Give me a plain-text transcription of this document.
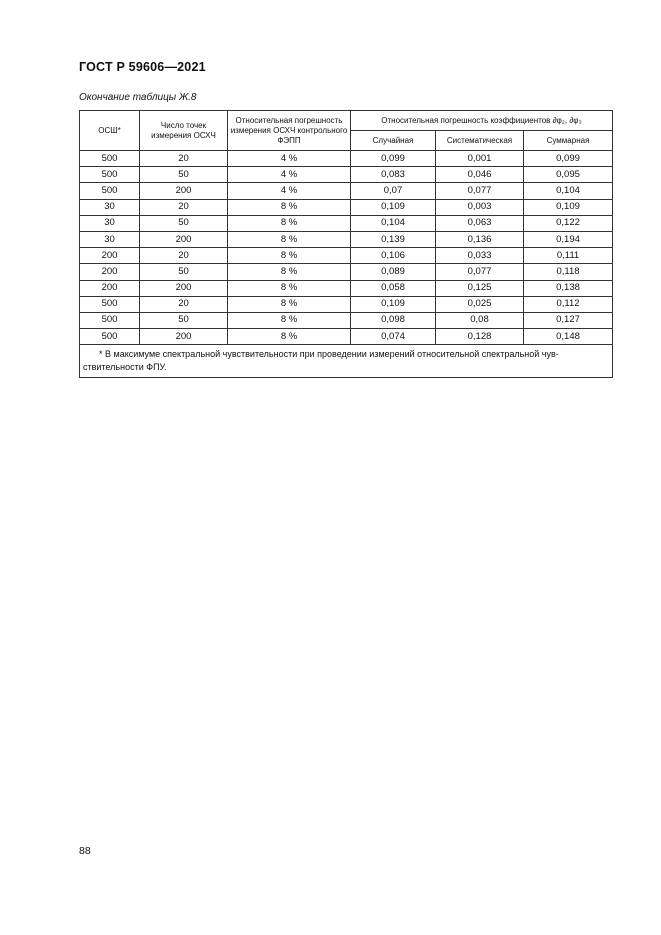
ГОСТ Р 59606—2021
Окончание таблицы Ж.8
ОСШ*	Число точек измерения ОСХЧ	Относительная погрешность измерения ОСХЧ контрольного ФЭПП	Относительная погрешность коэффициентов ∂φ₂, ∂φ₃		
			Случайная	Систематическая	Суммарная
500	20	4 %	0,099	0,001	0,099
500	50	4 %	0,083	0,046	0,095
500	200	4 %	0,07	0,077	0,104
30	20	8 %	0,109	0,003	0,109
30	50	8 %	0,104	0,063	0,122
30	200	8 %	0,139	0,136	0,194
200	20	8 %	0,106	0,033	0,111
200	50	8 %	0,089	0,077	0,118
200	200	8 %	0,058	0,125	0,138
500	20	8 %	0,109	0,025	0,112
500	50	8 %	0,098	0,08	0,127
500	200	8 %	0,074	0,128	0,148
* В максимуме спектральной чувствительности при проведении измерений относительной спектральной чувствительности ФПУ.					
88
